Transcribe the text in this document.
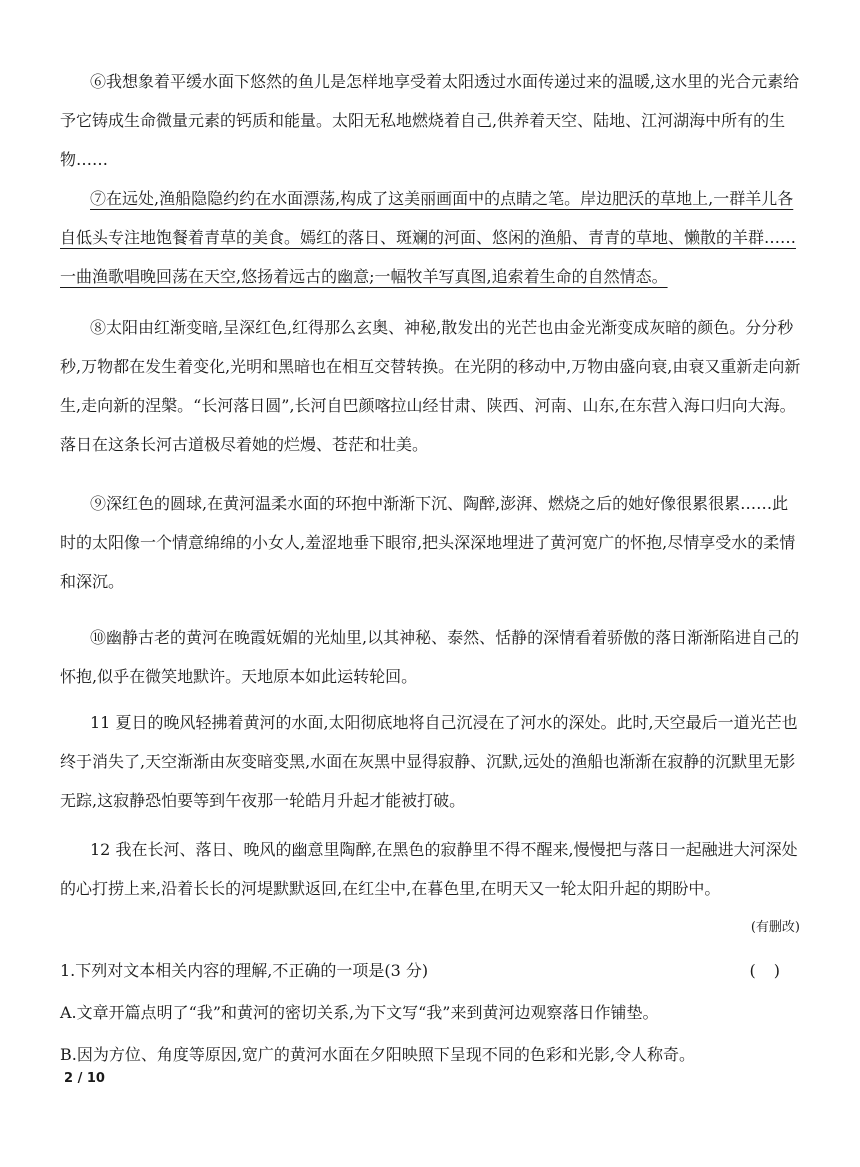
⑥我想象着平缓水面下悠然的鱼儿是怎样地享受着太阳透过水面传递过来的温暖,这水里的光合元素给予它铸成生命微量元素的钙质和能量。太阳无私地燃烧着自己,供养着天空、陆地、江河湖海中所有的生物……

⑦在远处,渔船隐隐约约在水面漂荡,构成了这美丽画面中的点睛之笔。岸边肥沃的草地上,一群羊儿各自低头专注地饱餐着青草的美食。嫣红的落日、斑斓的河面、悠闲的渔船、青青的草地、懒散的羊群……一曲渔歌唱晚回荡在天空,悠扬着远古的幽意;一幅牧羊写真图,追索着生命的自然情态。

⑧太阳由红渐变暗,呈深红色,红得那么玄奥、神秘,散发出的光芒也由金光渐变成灰暗的颜色。分分秒秒,万物都在发生着变化,光明和黑暗也在相互交替转换。在光阴的移动中,万物由盛向衰,由衰又重新走向新生,走向新的涅槃。“长河落日圆”,长河自巴颜喀拉山经甘肃、陕西、河南、山东,在东营入海口归向大海。落日在这条长河古道极尽着她的烂熳、苍茫和壮美。

⑨深红色的圆球,在黄河温柔水面的环抱中渐渐下沉、陶醉,澎湃、燃烧之后的她好像很累很累……此时的太阳像一个情意绵绵的小女人,羞涩地垂下眼帘,把头深深地埋进了黄河宽广的怀抱,尽情享受水的柔情和深沉。

⑩幽静古老的黄河在晚霞妩媚的光灿里,以其神秘、泰然、恬静的深情看着骄傲的落日渐渐陷进自己的怀抱,似乎在微笑地默许。天地原本如此运转轮回。

11 夏日的晚风轻拂着黄河的水面,太阳彻底地将自己沉浸在了河水的深处。此时,天空最后一道光芒也终于消失了,天空渐渐由灰变暗变黑,水面在灰黑中显得寂静、沉默,远处的渔船也渐渐在寂静的沉默里无影无踪,这寂静恐怕要等到午夜那一轮皓月升起才能被打破。

12 我在长河、落日、晚风的幽意里陶醉,在黑色的寂静里不得不醒来,慢慢把与落日一起融进大河深处的心打捞上来,沿着长长的河堤默默返回,在红尘中,在暮色里,在明天又一轮太阳升起的期盼中。

(有删改)
1.下列对文本相关内容的理解,不正确的一项是(3 分)	()
A.文章开篇点明了“我”和黄河的密切关系,为下文写“我”来到黄河边观察落日作铺垫。
B.因为方位、角度等原因,宽广的黄河水面在夕阳映照下呈现不同的色彩和光影,令人称奇。
2 / 10
